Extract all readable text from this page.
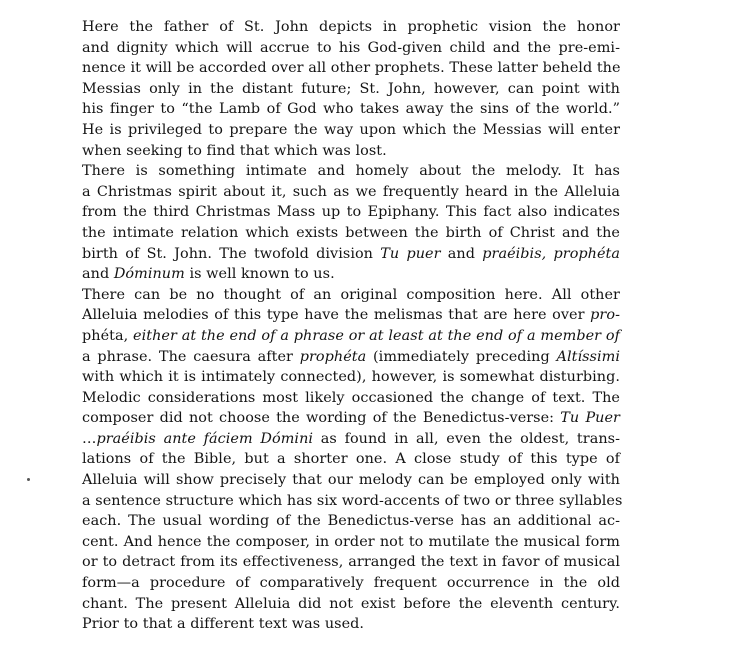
Here the father of St. John depicts in prophetic vision the honor
and dignity which will accrue to his God-given child and the pre-emi-
nence it will be accorded over all other prophets. These latter beheld the
Messias only in the distant future; St. John, however, can point with
his finger to “the Lamb of God who takes away the sins of the world.”
He is privileged to prepare the way upon which the Messias will enter
when seeking to find that which was lost.

There is something intimate and homely about the melody. It has
a Christmas spirit about it, such as we frequently heard in the Alleluia
from the third Christmas Mass up to Epiphany. This fact also indicates
the intimate relation which exists between the birth of Christ and the
birth of St. John. The twofold division Tu puer and praéibis, prophéta
and Dóminum is well known to us.

There can be no thought of an original composition here. All other
Alleluia melodies of this type have the melismas that are here over pro-
phéta, either at the end of a phrase or at least at the end of a member of
a phrase. The caesura after prophéta (immediately preceding Altíssimi
with which it is intimately connected), however, is somewhat disturbing.
Melodic considerations most likely occasioned the change of text. The
composer did not choose the wording of the Benedictus-verse: Tu Puer
…praéibis ante fáciem Dómini as found in all, even the oldest, trans-
lations of the Bible, but a shorter one. A close study of this type of
Alleluia will show precisely that our melody can be employed only with
a sentence structure which has six word-accents of two or three syllables
each. The usual wording of the Benedictus-verse has an additional ac-
cent. And hence the composer, in order not to mutilate the musical form
or to detract from its effectiveness, arranged the text in favor of musical
form—a procedure of comparatively frequent occurrence in the old
chant. The present Alleluia did not exist before the eleventh century.
Prior to that a different text was used.
